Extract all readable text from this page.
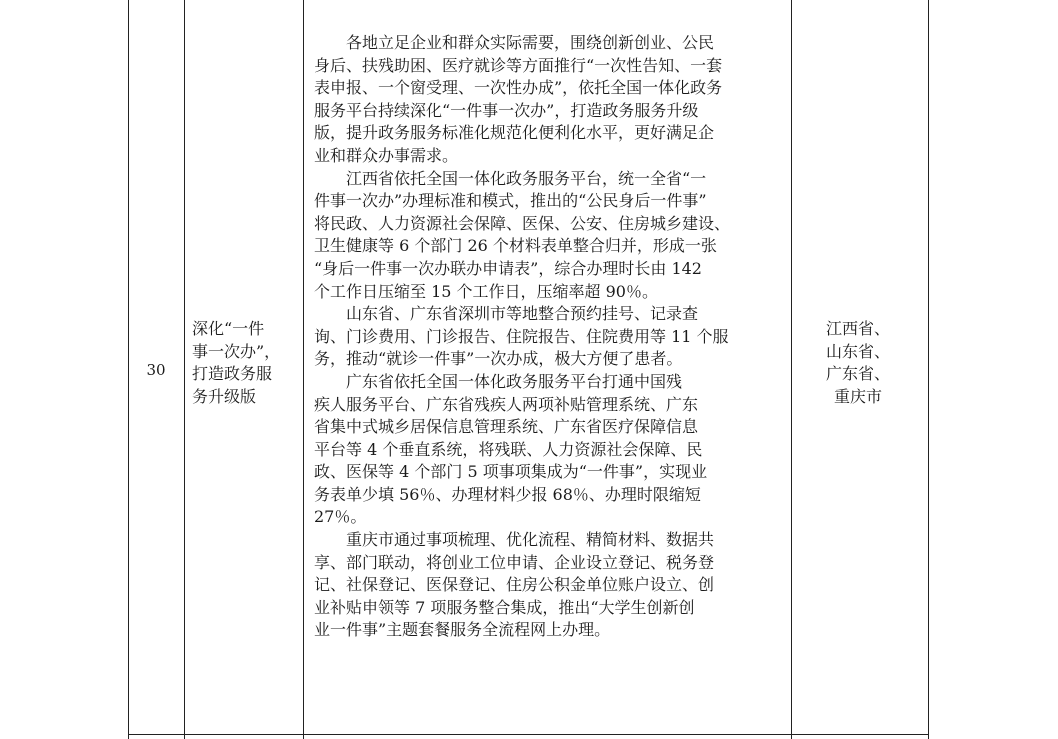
30
深化“一件
事一次办”，
打造政务服
务升级版
　　各地立足企业和群众实际需要，围绕创新创业、公民
身后、扶残助困、医疗就诊等方面推行“一次性告知、一套
表申报、一个窗受理、一次性办成”，依托全国一体化政务
服务平台持续深化“一件事一次办”，打造政务服务升级
版，提升政务服务标准化规范化便利化水平，更好满足企
业和群众办事需求。
　　江西省依托全国一体化政务服务平台，统一全省“一
件事一次办”办理标准和模式，推出的“公民身后一件事”
将民政、人力资源社会保障、医保、公安、住房城乡建设、
卫生健康等 6 个部门 26 个材料表单整合归并，形成一张
“身后一件事一次办联办申请表”，综合办理时长由 142
个工作日压缩至 15 个工作日，压缩率超 90％。
　　山东省、广东省深圳市等地整合预约挂号、记录查
询、门诊费用、门诊报告、住院报告、住院费用等 11 个服
务，推动“就诊一件事”一次办成，极大方便了患者。
　　广东省依托全国一体化政务服务平台打通中国残
疾人服务平台、广东省残疾人两项补贴管理系统、广东
省集中式城乡居保信息管理系统、广东省医疗保障信息
平台等 4 个垂直系统，将残联、人力资源社会保障、民
政、医保等 4 个部门 5 项事项集成为“一件事”，实现业
务表单少填 56％、办理材料少报 68％、办理时限缩短
27％。
　　重庆市通过事项梳理、优化流程、精简材料、数据共
享、部门联动，将创业工位申请、企业设立登记、税务登
记、社保登记、医保登记、住房公积金单位账户设立、创
业补贴申领等 7 项服务整合集成，推出“大学生创新创
业一件事”主题套餐服务全流程网上办理。
江西省、
山东省、
广东省、
重庆市
